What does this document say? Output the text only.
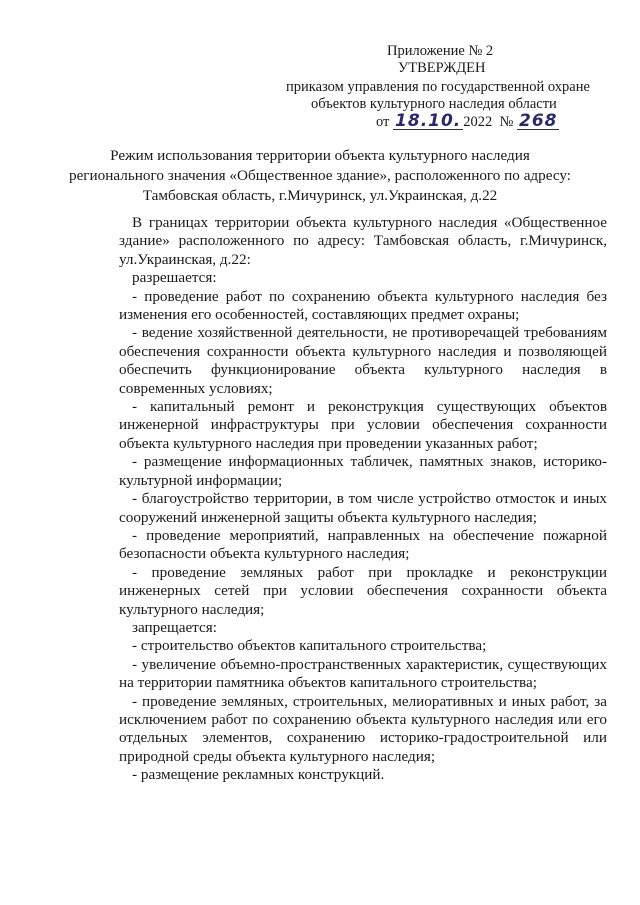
Приложение № 2
УТВЕРЖДЕН
приказом управления по государственной охране
объектов культурного наследия области
от 18.10. 2022 № 268
Режим использования территории объекта культурного наследия
регионального значения «Общественное здание», расположенного по адресу:
Тамбовская область, г.Мичуринск, ул.Украинская, д.22

В границах территории объекта культурного наследия «Общественное здание» расположенного по адресу: Тамбовская область, г.Мичуринск, ул.Украинская, д.22:

разрешается:

- проведение работ по сохранению объекта культурного наследия без изменения его особенностей, составляющих предмет охраны;

- ведение хозяйственной деятельности, не противоречащей требованиям обеспечения сохранности объекта культурного наследия и позволяющей обеспечить функционирование объекта культурного наследия в современных условиях;

- капитальный ремонт и реконструкция существующих объектов инженерной инфраструктуры при условии обеспечения сохранности объекта культурного наследия при проведении указанных работ;

- размещение информационных табличек, памятных знаков, историко-культурной информации;

- благоустройство территории, в том числе устройство отмосток и иных сооружений инженерной защиты объекта культурного наследия;

- проведение мероприятий, направленных на обеспечение пожарной безопасности объекта культурного наследия;

- проведение земляных работ при прокладке и реконструкции инженерных сетей при условии обеспечения сохранности объекта культурного наследия;

запрещается:

- строительство объектов капитального строительства;

- увеличение объемно-пространственных характеристик, существующих на территории памятника объектов капитального строительства;

- проведение земляных, строительных, мелиоративных и иных работ, за исключением работ по сохранению объекта культурного наследия или его отдельных элементов, сохранению историко-градостроительной или природной среды объекта культурного наследия;

- размещение рекламных конструкций.
